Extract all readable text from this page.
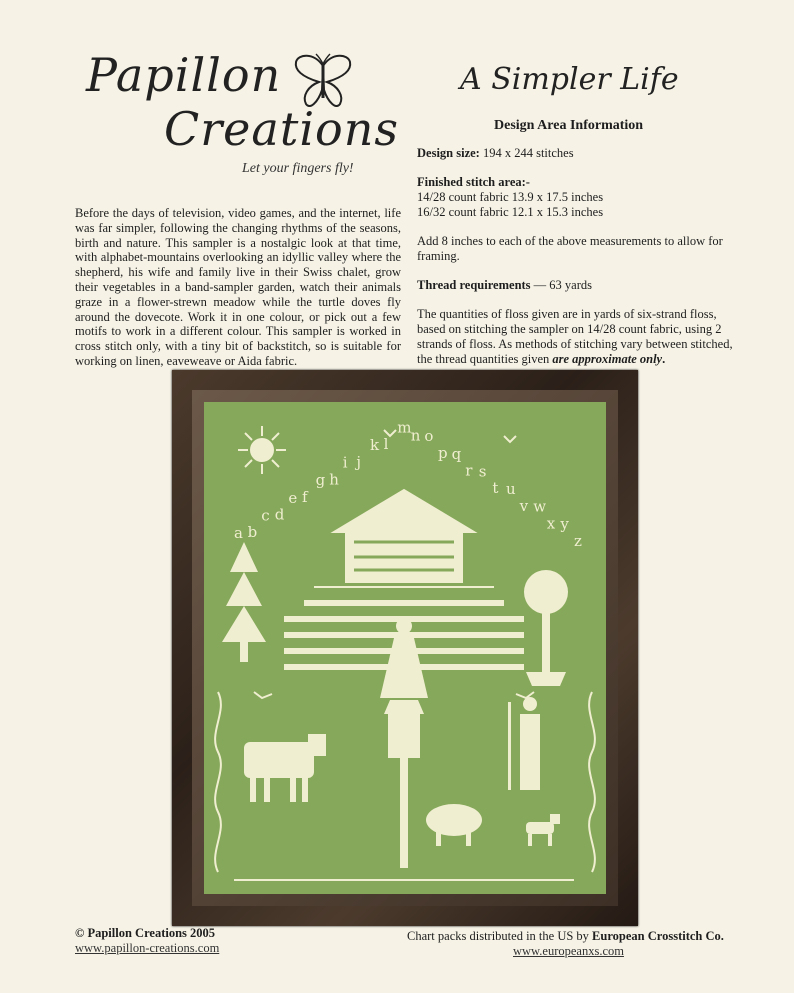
Papillon
Creations
Let your fingers fly!
A Simpler Life
Design Area Information

Design size: 194 x 244 stitches

Finished stitch area:-
14/28 count fabric 13.9 x 17.5 inches
16/32 count fabric 12.1 x 15.3 inches

Add 8 inches to each of the above measurements to allow for framing.

Thread requirements — 63 yards

The quantities of floss given are in yards of six-strand floss, based on stitching the sampler on 14/28 count fabric, using 2 strands of floss. As methods of stitching vary between stitched, the thread quantities given are approximate only.

Before the days of television, video games, and the internet, life was far simpler, following the changing rhythms of the seasons, birth and nature. This sampler is a nostalgic look at that time, with alphabet-mountains overlooking an idyllic valley where the shepherd, his wife and family live in their Swiss chalet, grow their vegetables in a band-sampler garden, watch their animals graze in a flower-strewn meadow while the turtle doves fly around the dovecote. Work it in one colour, or pick out a few motifs to work in a different colour. This sampler is worked in cross stitch only, with a tiny bit of backstitch, so is suitable for working on linen, eaveweave or Aida fabric.
a b
c d
e f
g h
i j
k l
m n o
p q
r s
t u
v w
x y
z
© Papillon Creations 2005
www.papillon-creations.com
Chart packs distributed in the US by European Crosstitch Co.
www.europeanxs.com
